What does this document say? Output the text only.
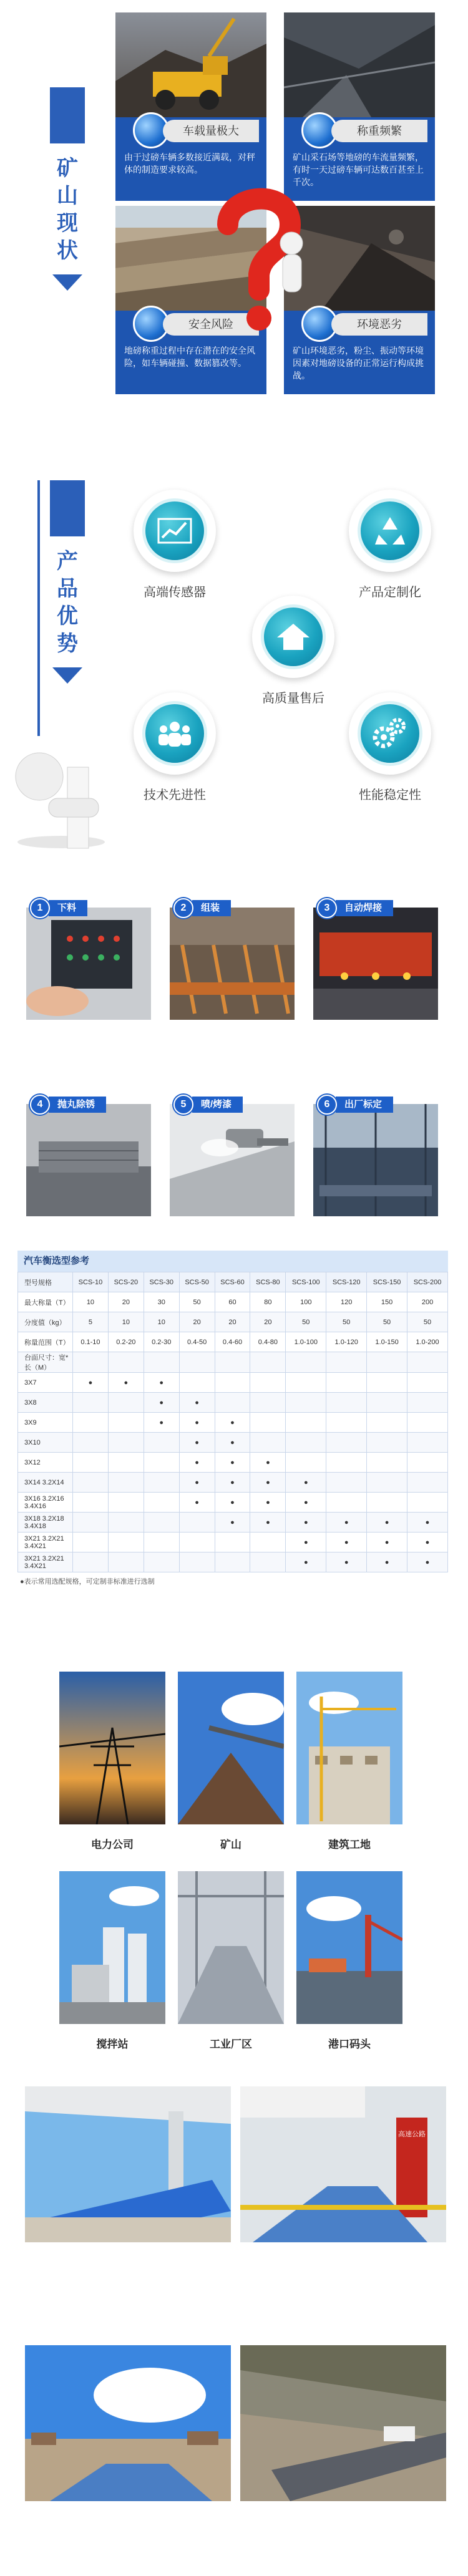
矿
山
现
状
车载量极大
由于过磅车辆多数接近满载，对秤体的制造要求较高。
称重频繁
矿山采石场等地磅的车流量频繁，有时一天过磅车辆可达数百甚至上千次。
安全风险
地磅称重过程中存在潜在的安全风险，如车辆碰撞、数据篡改等。
环境恶劣
矿山环境恶劣，粉尘、振动等环境因素对地磅设备的正常运行构成挑战。
产
品
优
势
高端传感器	产品定制化
高质量售后
技术先进性	性能稳定性
下料
1	组装
2	自动焊接
3
抛丸除锈
4	喷/烤漆
5	出厂标定
6
汽车衡选型参考
型号规格	SCS-10	SCS-20	SCS-30	SCS-50	SCS-60	SCS-80	SCS-100	SCS-120	SCS-150	SCS-200
最大称量（T）	10	20	30	50	60	80	100	120	150	200
分度值（kg）	5	10	10	20	20	20	50	50	50	50
称量范围（T）	0.1-10	0.2-20	0.2-30	0.4-50	0.4-60	0.4-80	1.0-100	1.0-120	1.0-150	1.0-200
台面尺寸：宽*长（M）										
3X7	●	●	●							
3X8			●	●						
3X9			●	●	●					
3X10				●	●					
3X12				●	●	●				
3X14 3.2X14				●	●	●	●			
3X16 3.2X16 3.4X16				●	●	●	●			
3X18 3.2X18 3.4X18					●	●	●	●	●	●
3X21 3.2X21 3.4X21							●	●	●	●
3X21 3.2X21 3.4X21							●	●	●	●
●表示常用选配规格，可定制非标准进行选制
电力公司	矿山	建筑工地
搅拌站	工业厂区	港口码头
高速公路
